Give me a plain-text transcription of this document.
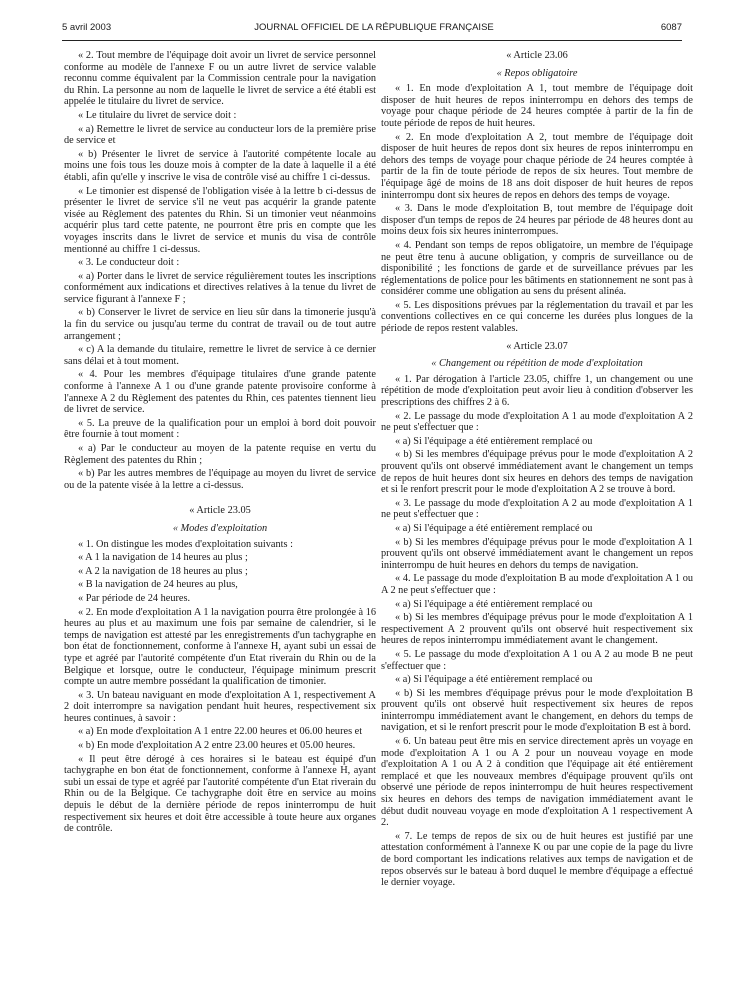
5 avril 2003	JOURNAL OFFICIEL DE LA RÉPUBLIQUE FRANÇAISE	6087

« 2. Tout membre de l'équipage doit avoir un livret de service personnel conforme au modèle de l'annexe F ou un autre livret de service valable reconnu comme équivalent par la Commission centrale pour la navigation du Rhin. La personne au nom de laquelle le livret de service a été établi est appelée le titulaire du livret de service.

« Le titulaire du livret de service doit :

« a) Remettre le livret de service au conducteur lors de la première prise de service et

« b) Présenter le livret de service à l'autorité compétente locale au moins une fois tous les douze mois à compter de la date à laquelle il a été établi, afin qu'elle y inscrive le visa de contrôle visé au chiffre 1 ci-dessus.

« Le timonier est dispensé de l'obligation visée à la lettre b ci-dessus de présenter le livret de service s'il ne veut pas acquérir la grande patente visée au Règlement des patentes du Rhin. Si un timonier veut néanmoins acquérir plus tard cette patente, ne pourront être pris en compte que les voyages inscrits dans le livret de service et munis du visa de contrôle mentionné au chiffre 1 ci-dessus.

« 3. Le conducteur doit :

« a) Porter dans le livret de service régulièrement toutes les inscriptions conformément aux indications et directives relatives à la tenue du livret de service figurant à l'annexe F ;

« b) Conserver le livret de service en lieu sûr dans la timonerie jusqu'à la fin du service ou jusqu'au terme du contrat de travail ou de tout autre arrangement ;

« c) A la demande du titulaire, remettre le livret de service à ce dernier sans délai et à tout moment.

« 4. Pour les membres d'équipage titulaires d'une grande patente conforme à l'annexe A 1 ou d'une grande patente provisoire conforme à l'annexe A 2 du Règlement des patentes du Rhin, ces patentes tiennent lieu de livret de service.

« 5. La preuve de la qualification pour un emploi à bord doit pouvoir être fournie à tout moment :

« a) Par le conducteur au moyen de la patente requise en vertu du Règlement des patentes du Rhin ;

« b) Par les autres membres de l'équipage au moyen du livret de service ou de la patente visée à la lettre a ci-dessus.

« Article 23.05

« Modes d'exploitation

« 1. On distingue les modes d'exploitation suivants :

« A 1 la navigation de 14 heures au plus ;

« A 2 la navigation de 18 heures au plus ;

« B la navigation de 24 heures au plus,

« Par période de 24 heures.

« 2. En mode d'exploitation A 1 la navigation pourra être prolongée à 16 heures au plus et au maximum une fois par semaine de calendrier, si le temps de navigation est attesté par les enregistrements d'un tachygraphe en bon état de fonctionnement, conforme à l'annexe H, ayant subi un essai de type et agréé par l'autorité compétente d'un Etat riverain du Rhin ou de la Belgique et lorsque, outre le conducteur, l'équipage minimum prescrit compte un autre membre possédant la qualification de timonier.

« 3. Un bateau naviguant en mode d'exploitation A 1, respectivement A 2 doit interrompre sa navigation pendant huit heures, respectivement six heures continues, à savoir :

« a) En mode d'exploitation A 1 entre 22.00 heures et 06.00 heures et

« b) En mode d'exploitation A 2 entre 23.00 heures et 05.00 heures.

« Il peut être dérogé à ces horaires si le bateau est équipé d'un tachygraphe en bon état de fonctionnement, conforme à l'annexe H, ayant subi un essai de type et agréé par l'autorité compétente d'un Etat riverain du Rhin ou de la Belgique. Ce tachygraphe doit être en service au moins depuis le début de la dernière période de repos ininterrompu de huit respectivement six heures et doit être accessible à toute heure aux organes de contrôle.

« Article 23.06

« Repos obligatoire

« 1. En mode d'exploitation A 1, tout membre de l'équipage doit disposer de huit heures de repos ininterrompu en dehors des temps de voyage pour chaque période de 24 heures comptée à partir de la fin de toute période de repos de huit heures.

« 2. En mode d'exploitation A 2, tout membre de l'équipage doit disposer de huit heures de repos dont six heures de repos ininterrompu en dehors des temps de voyage pour chaque période de 24 heures comptée à partir de la fin de toute période de repos de six heures. Tout membre de l'équipage âgé de moins de 18 ans doit disposer de huit heures de repos ininterrompu dont six heures de repos en dehors des temps de voyage.

« 3. Dans le mode d'exploitation B, tout membre de l'équipage doit disposer d'un temps de repos de 24 heures par période de 48 heures dont au moins deux fois six heures ininterrompues.

« 4. Pendant son temps de repos obligatoire, un membre de l'équipage ne peut être tenu à aucune obligation, y compris de surveillance ou de disponibilité ; les fonctions de garde et de surveillance prévues par les réglementations de police pour les bâtiments en stationnement ne sont pas à considérer comme une obligation au sens du présent alinéa.

« 5. Les dispositions prévues par la réglementation du travail et par les conventions collectives en ce qui concerne les durées plus longues de la période de repos restent valables.

« Article 23.07

« Changement ou répétition de mode d'exploitation

« 1. Par dérogation à l'article 23.05, chiffre 1, un changement ou une répétition de mode d'exploitation peut avoir lieu à condition d'observer les prescriptions des chiffres 2 à 6.

« 2. Le passage du mode d'exploitation A 1 au mode d'exploitation A 2 ne peut s'effectuer que :

« a) Si l'équipage a été entièrement remplacé ou

« b) Si les membres d'équipage prévus pour le mode d'exploitation A 2 prouvent qu'ils ont observé immédiatement avant le changement un temps de repos de huit heures dont six heures en dehors des temps de navigation et si le renfort prescrit pour le mode d'exploitation A 2 se trouve à bord.

« 3. Le passage du mode d'exploitation A 2 au mode d'exploitation A 1 ne peut s'effectuer que :

« a) Si l'équipage a été entièrement remplacé ou

« b) Si les membres d'équipage prévus pour le mode d'exploitation A 1 prouvent qu'ils ont observé immédiatement avant le changement un repos ininterrompu de huit heures en dehors du temps de navigation.

« 4. Le passage du mode d'exploitation B au mode d'exploitation A 1 ou A 2 ne peut s'effectuer que :

« a) Si l'équipage a été entièrement remplacé ou

« b) Si les membres d'équipage prévus pour le mode d'exploitation A 1 respectivement A 2 prouvent qu'ils ont observé huit respectivement six heures de repos ininterrompu immédiatement avant le changement.

« 5. Le passage du mode d'exploitation A 1 ou A 2 au mode B ne peut s'effectuer que :

« a) Si l'équipage a été entièrement remplacé ou

« b) Si les membres d'équipage prévus pour le mode d'exploitation B prouvent qu'ils ont observé huit respectivement six heures de repos ininterrompu immédiatement avant le changement, en dehors du temps de navigation, et si le renfort prescrit pour le mode d'exploitation B est à bord.

« 6. Un bateau peut être mis en service directement après un voyage en mode d'exploitation A 1 ou A 2 pour un nouveau voyage en mode d'exploitation A 1 ou A 2 à condition que l'équipage ait été entièrement remplacé et que les nouveaux membres d'équipage prouvent qu'ils ont observé une période de repos ininterrompu de huit heures respectivement six heures en dehors des temps de navigation immédiatement avant le début dudit nouveau voyage en mode d'exploitation A 1 respectivement A 2.

« 7. Le temps de repos de six ou de huit heures est justifié par une attestation conformément à l'annexe K ou par une copie de la page du livre de bord comportant les indications relatives aux temps de navigation et de repos observés sur le bateau à bord duquel le membre d'équipage a effectué le dernier voyage.
